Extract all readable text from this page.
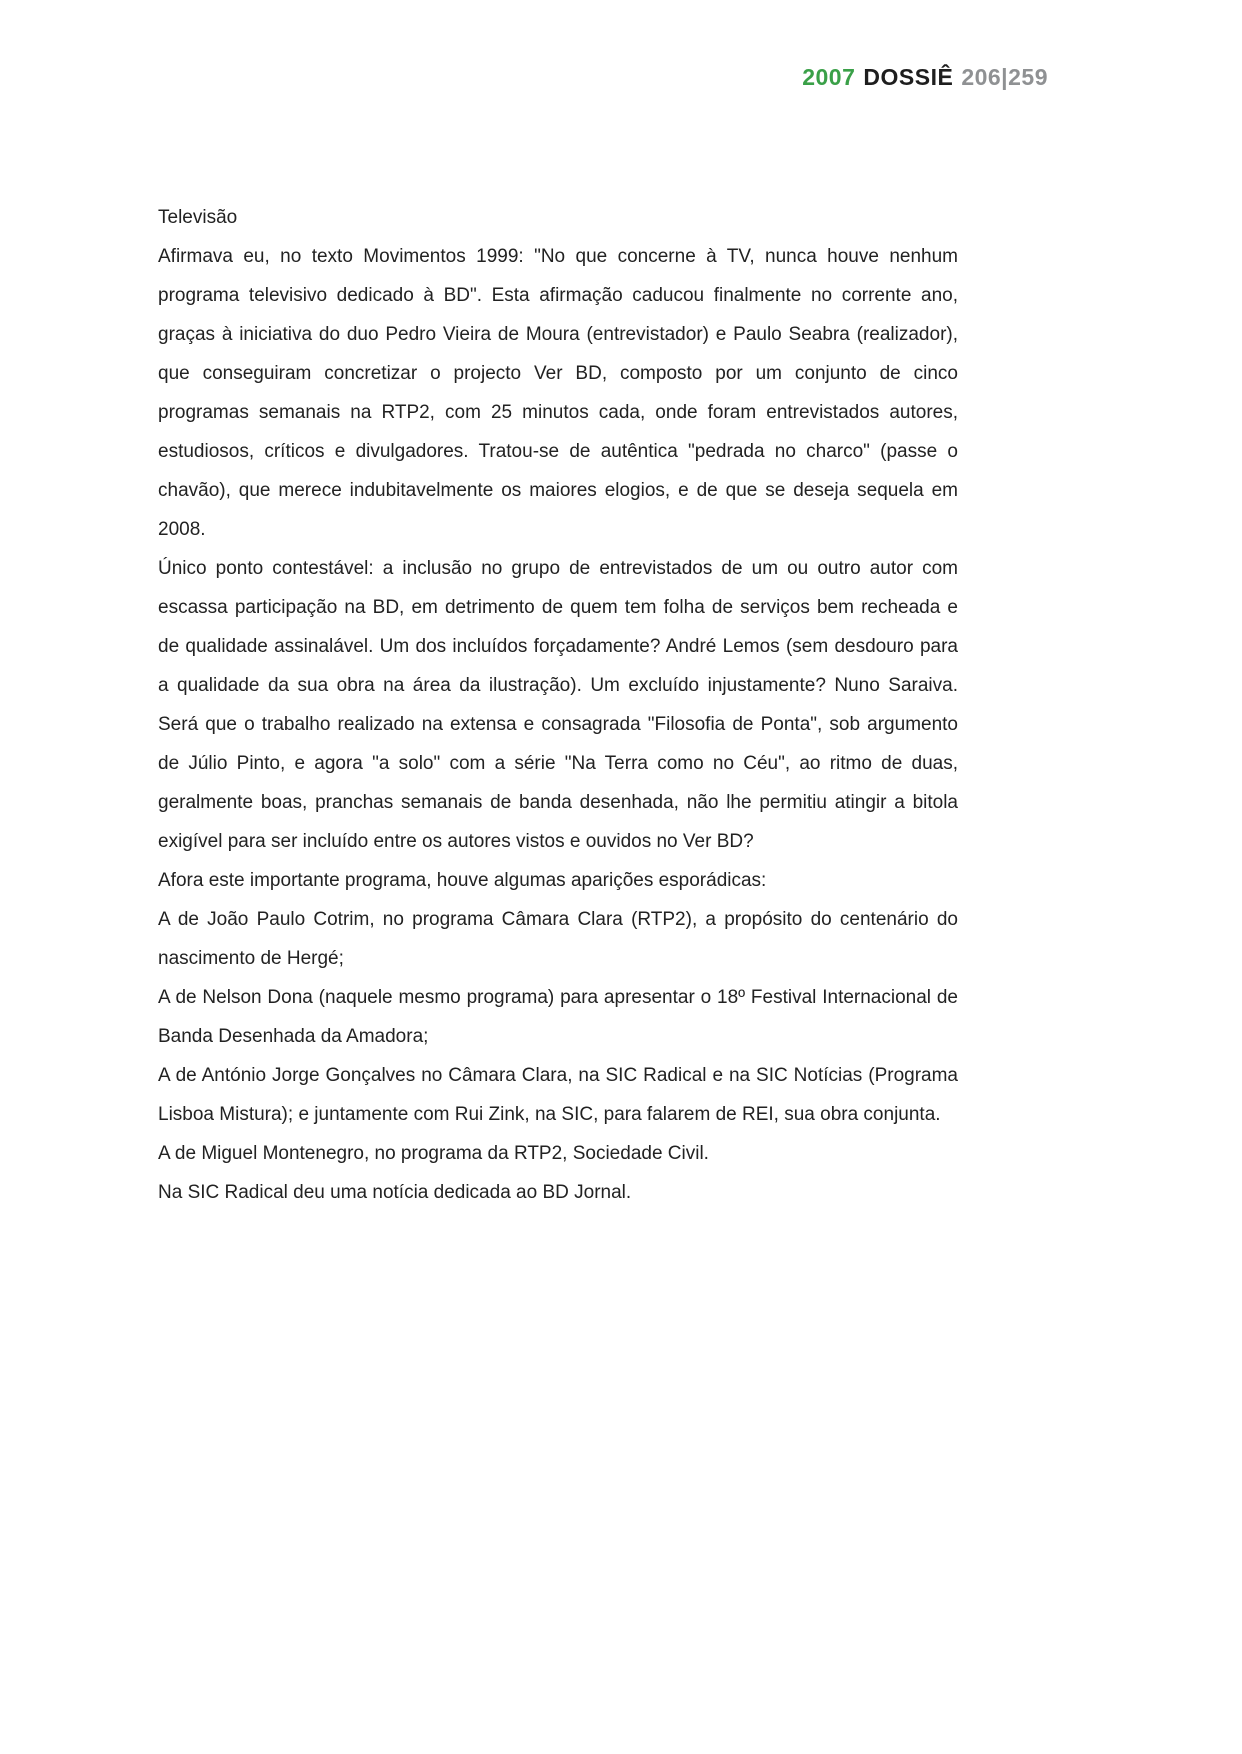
2007 DOSSIÊ 206|259

Televisão

Afirmava eu, no texto Movimentos 1999: "No que concerne à TV, nunca houve nenhum programa televisivo dedicado à BD". Esta afirmação caducou finalmente no corrente ano, graças à iniciativa do duo Pedro Vieira de Moura (entrevistador) e Paulo Seabra (realizador), que conseguiram concretizar o projecto Ver BD, composto por um conjunto de cinco programas semanais na RTP2, com 25 minutos cada, onde foram entrevistados autores, estudiosos, críticos e divulgadores. Tratou-se de autêntica "pedrada no charco" (passe o chavão), que merece indubitavelmente os maiores elogios, e de que se deseja sequela em 2008.

Único ponto contestável: a inclusão no grupo de entrevistados de um ou outro autor com escassa participação na BD, em detrimento de quem tem folha de serviços bem recheada e de qualidade assinalável. Um dos incluídos forçadamente? André Lemos (sem desdouro para a qualidade da sua obra na área da ilustração). Um excluído injustamente? Nuno Saraiva. Será que o trabalho realizado na extensa e consagrada "Filosofia de Ponta", sob argumento de Júlio Pinto, e agora "a solo" com a série "Na Terra como no Céu", ao ritmo de duas, geralmente boas, pranchas semanais de banda desenhada, não lhe permitiu atingir a bitola exigível para ser incluído entre os autores vistos e ouvidos no Ver BD?

Afora este importante programa, houve algumas aparições esporádicas:

A de João Paulo Cotrim, no programa Câmara Clara (RTP2), a propósito do centenário do nascimento de Hergé;

A de Nelson Dona (naquele mesmo programa) para apresentar o 18º Festival Internacional de Banda Desenhada da Amadora;

A de António Jorge Gonçalves no Câmara Clara, na SIC Radical e na SIC Notícias (Programa Lisboa Mistura); e juntamente com Rui Zink, na SIC, para falarem de REI, sua obra conjunta.

A de Miguel Montenegro, no programa da RTP2, Sociedade Civil.

Na SIC Radical deu uma notícia dedicada ao BD Jornal.
